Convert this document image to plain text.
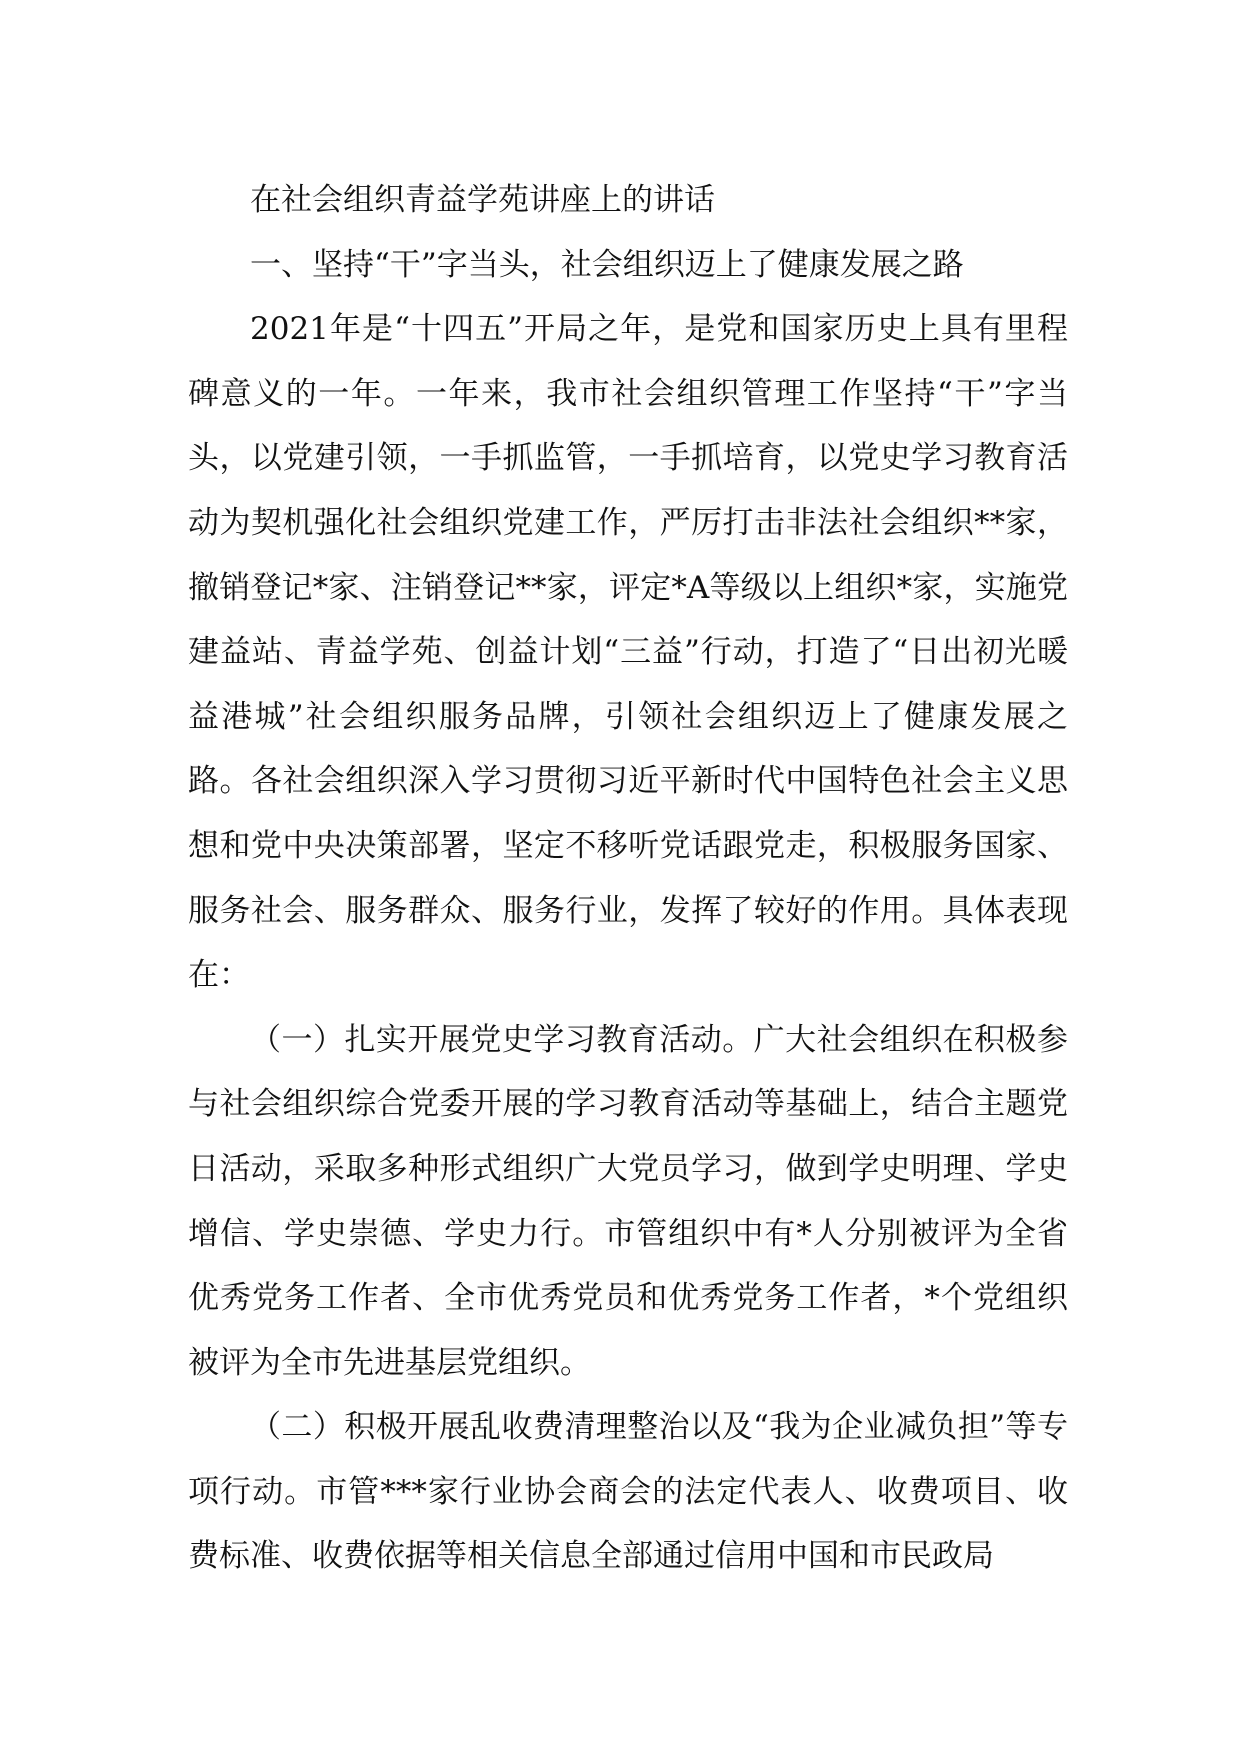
在社会组织青益学苑讲座上的讲话

一、坚持“干”字当头，社会组织迈上了健康发展之路

2021年是“十四五”开局之年，是党和国家历史上具有里程碑意义的一年。一年来，我市社会组织管理工作坚持“干”字当头，以党建引领，一手抓监管，一手抓培育，以党史学习教育活动为契机强化社会组织党建工作，严厉打击非法社会组织**家，撤销登记*家、注销登记**家，评定*A等级以上组织*家，实施党建益站、青益学苑、创益计划“三益”行动，打造了“日出初光暖益港城”社会组织服务品牌，引领社会组织迈上了健康发展之路。各社会组织深入学习贯彻习近平新时代中国特色社会主义思想和党中央决策部署，坚定不移听党话跟党走，积极服务国家、服务社会、服务群众、服务行业，发挥了较好的作用。具体表现在：

（一）扎实开展党史学习教育活动。广大社会组织在积极参与社会组织综合党委开展的学习教育活动等基础上，结合主题党日活动，采取多种形式组织广大党员学习，做到学史明理、学史增信、学史崇德、学史力行。市管组织中有*人分别被评为全省优秀党务工作者、全市优秀党员和优秀党务工作者，*个党组织被评为全市先进基层党组织。

（二）积极开展乱收费清理整治以及“我为企业减负担”等专项行动。市管***家行业协会商会的法定代表人、收费项目、收费标准、收费依据等相关信息全部通过信用中国和市民政局
